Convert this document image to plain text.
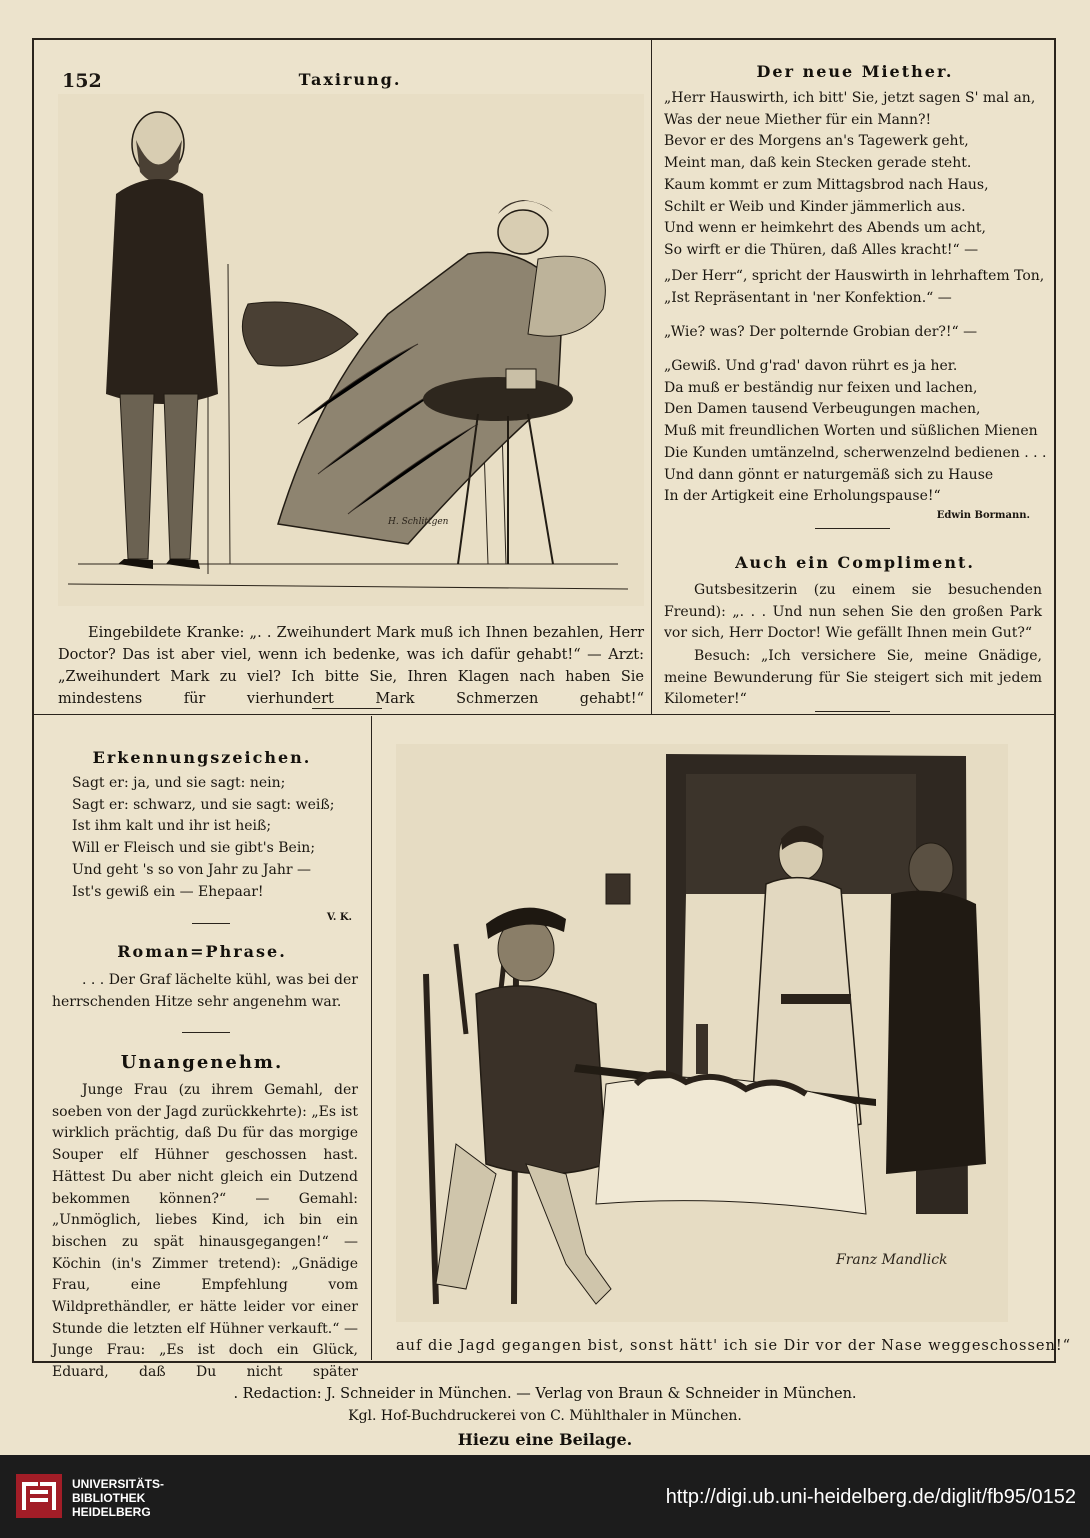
152	Taxirung.
H. Schlittgen
Eingebildete Kranke: „. . Zweihundert Mark muß ich Ihnen bezahlen, Herr Doctor? Das ist aber viel, wenn ich bedenke, was ich dafür gehabt!“ — Arzt: „Zweihundert Mark zu viel? Ich bitte Sie, Ihren Klagen nach haben Sie mindestens für vierhundert Mark Schmerzen gehabt!“
Der neue Miether.
„Herr Hauswirth, ich bitt' Sie, jetzt sagen S' mal an,
Was der neue Miether für ein Mann?!
Bevor er des Morgens an's Tagewerk geht,
Meint man, daß kein Stecken gerade steht.
Kaum kommt er zum Mittagsbrod nach Haus,
Schilt er Weib und Kinder jämmerlich aus.
Und wenn er heimkehrt des Abends um acht,
So wirft er die Thüren, daß Alles kracht!“ —
„Der Herr“, spricht der Hauswirth in lehrhaftem Ton,
„Ist Repräsentant in 'ner Konfektion.“ —
„Wie? was? Der polternde Grobian der?!“ —
„Gewiß. Und g'rad' davon rührt es ja her.
Da muß er beständig nur feixen und lachen,
Den Damen tausend Verbeugungen machen,
Muß mit freundlichen Worten und süßlichen Mienen
Die Kunden umtänzelnd, scherwenzelnd bedienen . . .
Und dann gönnt er naturgemäß sich zu Hause
In der Artigkeit eine Erholungspause!“
Edwin Bormann.
Auch ein Compliment.
Gutsbesitzerin (zu einem sie besuchenden Freund): „. . . Und nun sehen Sie den großen Park vor sich, Herr Doctor! Wie gefällt Ihnen mein Gut?“
Besuch: „Ich versichere Sie, meine Gnädige, meine Bewunderung für Sie steigert sich mit jedem Kilometer!“
Erkennungszeichen.
Sagt er: ja, und sie sagt: nein;
Sagt er: schwarz, und sie sagt: weiß;
Ist ihm kalt und ihr ist heiß;
Will er Fleisch und sie gibt's Bein;
Und geht 's so von Jahr zu Jahr —
Ist's gewiß ein — Ehepaar!
V. K.
Roman=Phrase.
. . . Der Graf lächelte kühl, was bei der herrschenden Hitze sehr angenehm war.
Unangenehm.
Junge Frau (zu ihrem Gemahl, der soeben von der Jagd zurückkehrte): „Es ist wirklich prächtig, daß Du für das morgige Souper elf Hühner geschossen hast. Hättest Du aber nicht gleich ein Dutzend bekommen können?“ — Gemahl: „Unmöglich, liebes Kind, ich bin ein bischen zu spät hinausgegangen!“ — Köchin (in's Zimmer tretend): „Gnädige Frau, eine Empfehlung vom Wildprethändler, er hätte leider vor einer Stunde die letzten elf Hühner verkauft.“ — Junge Frau: „Es ist doch ein Glück, Eduard, daß Du nicht später
Franz Mandlick
auf die Jagd gegangen bist, sonst hätt' ich sie Dir vor der Nase weggeschossen!“
. Redaction: J. Schneider in München. — Verlag von Braun & Schneider in München.
Kgl. Hof-Buchdruckerei von C. Mühlthaler in München.
Hiezu eine Beilage.
UNIVERSITÄTS-
BIBLIOTHEK
HEIDELBERG
http://digi.ub.uni-heidelberg.de/diglit/fb95/0152
